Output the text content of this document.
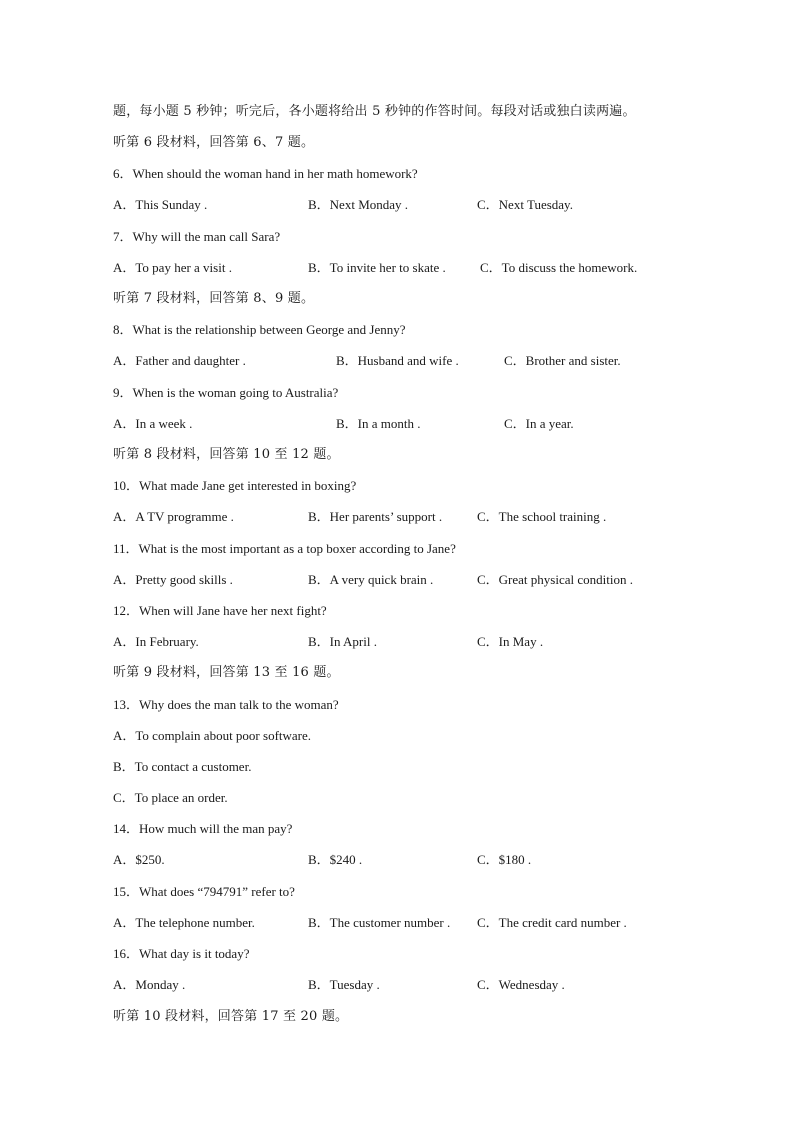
题，每小题 5 秒钟；听完后，各小题将给出 5 秒钟的作答时间。每段对话或独白读两遍。
听第 6 段材料，回答第 6、7 题。
6．When should the woman hand in her math homework?
A．This Sunday .	B．Next Monday .	C．Next Tuesday.
7．Why will the man call Sara?
A．To pay her a visit .	B．To invite her to skate .	C．To discuss the homework.
听第 7 段材料，回答第 8、9 题。
8．What is the relationship between George and Jenny?
A．Father and daughter .	B．Husband and wife .	C．Brother and sister.
9．When is the woman going to Australia?
A．In a week .	B．In a month .	C．In a year.
听第 8 段材料，回答第 10 至 12 题。
10．What made Jane get interested in boxing?
A．A TV programme .	B．Her parents’ support .	C．The school training .
11．What is the most important as a top boxer according to Jane?
A．Pretty good skills .	B．A very quick brain .	C．Great physical condition .
12．When will Jane have her next fight?
A．In February.	B．In April .	C．In May .
听第 9 段材料，回答第 13 至 16 题。
13．Why does the man talk to the woman?
A．To complain about poor software.
B．To contact a customer.
C．To place an order.
14．How much will the man pay?
A．$250.	B．$240 .	C．$180 .
15．What does “794791” refer to?
A．The telephone number.	B．The customer number . C．The credit card number .
16．What day is it today?
A．Monday .	B．Tuesday .	C．Wednesday .
听第 10 段材料，回答第 17 至 20 题。
